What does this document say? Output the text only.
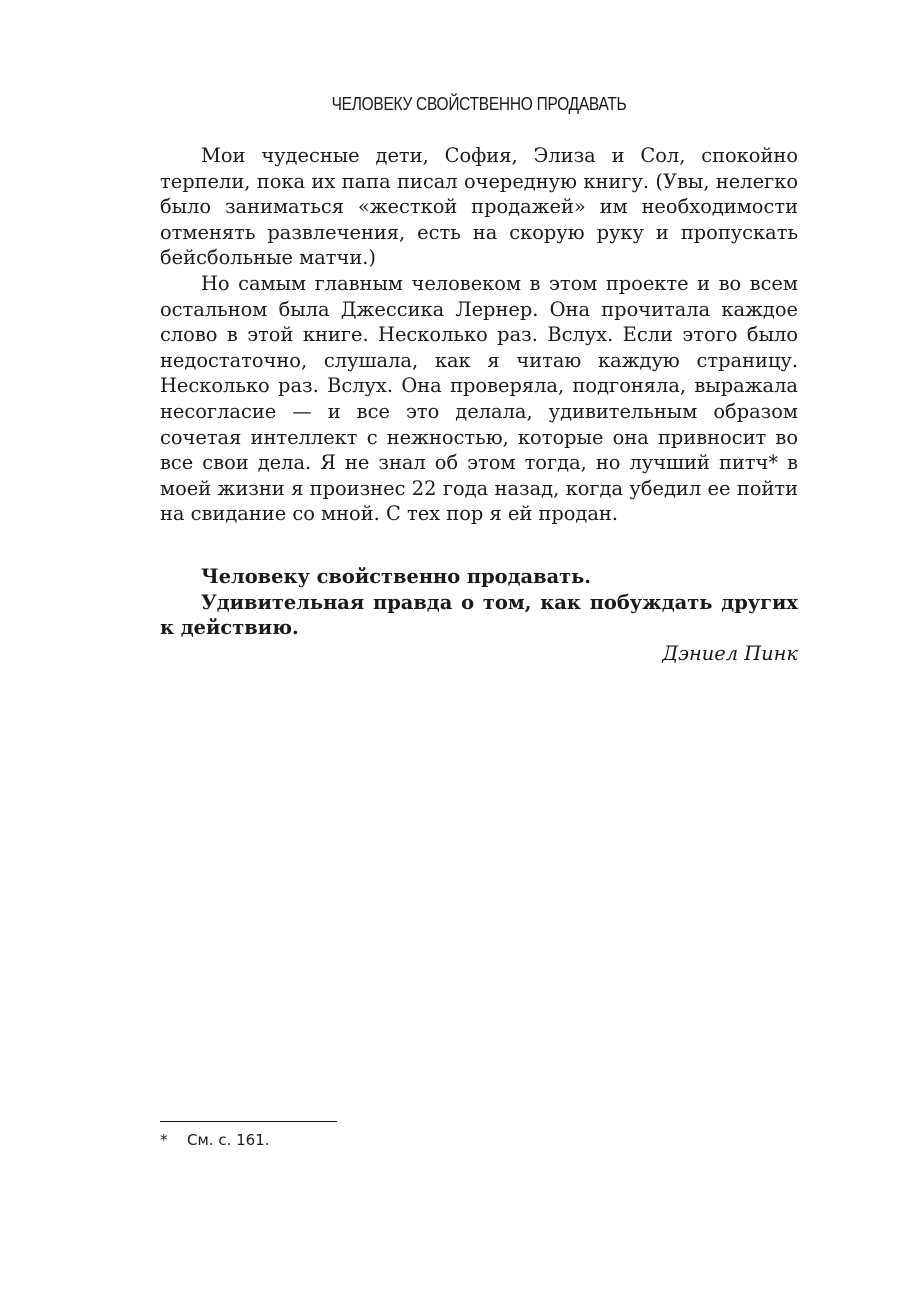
ЧЕЛОВЕКУ СВОЙСТВЕННО ПРОДАВАТЬ

Мои чудесные дети, София, Элиза и Сол, спокойно терпели, пока их папа писал очередную книгу. (Увы, нелегко было заниматься «жесткой продажей» им необходимости отменять развлечения, есть на скорую руку и пропускать бейсбольные матчи.)

Но самым главным человеком в этом проекте и во всем остальном была Джессика Лернер. Она прочитала каждое слово в этой книге. Несколько раз. Вслух. Если этого было недостаточно, слушала, как я читаю каждую страницу. Несколько раз. Вслух. Она проверяла, подгоняла, выражала несогласие — и все это делала, удивительным образом сочетая интеллект с нежностью, которые она привносит во все свои дела. Я не знал об этом тогда, но лучший питч* в моей жизни я произнес 22 года назад, когда убедил ее пойти на свидание со мной. С тех пор я ей продан.

Человеку свойственно продавать.

Удивительная правда о том, как побуждать других к действию.

Дэниел Пинк

* См. с. 161.
